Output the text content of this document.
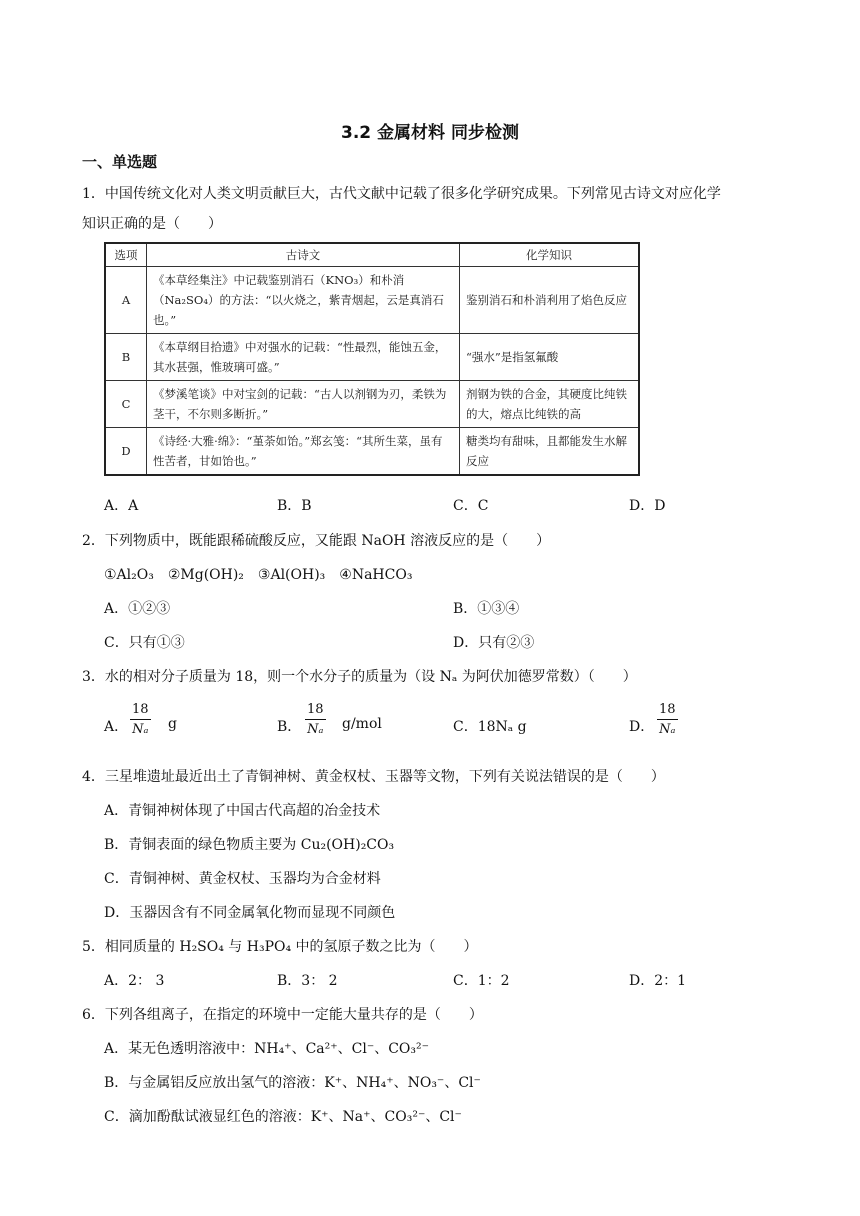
3.2 金属材料 同步检测
一、单选题
1．中国传统文化对人类文明贡献巨大，古代文献中记载了很多化学研究成果。下列常见古诗文对应化学
知识正确的是（　　）
选项	古诗文	化学知识
A	《本草经集注》中记载鉴别消石（KNO₃）和朴消（Na₂SO₄）的方法：“以火烧之，紫青烟起，云是真消石也。”	鉴别消石和朴消利用了焰色反应
B	《本草纲目拾遗》中对强水的记载：“性最烈，能蚀五金，其水甚强，惟玻璃可盛。”	“强水”是指氢氟酸
C	《梦溪笔谈》中对宝剑的记载：“古人以剂钢为刃，柔铁为茎干，不尔则多断折。”	剂钢为铁的合金，其硬度比纯铁的大，熔点比纯铁的高
D	《诗经·大雅·绵》：“堇荼如饴。”郑玄笺：“其所生菜，虽有性苦者，甘如饴也。”	糖类均有甜味，且都能发生水解反应
A．A	B．B	C．C	D．D
2．下列物质中，既能跟稀硫酸反应，又能跟 NaOH 溶液反应的是（　　）
①Al₂O₃　②Mg(OH)₂　③Al(OH)₃　④NaHCO₃
A．①②③	B．①③④
C．只有①③	D．只有②③
3．水的相对分子质量为 18，则一个水分子的质量为（设 Nₐ 为阿伏加德罗常数）（　　）
A．
18
Nₐ g	B．
18
Nₐ g/mol	C．18Nₐ g	D．
18
Nₐ
4．三星堆遗址最近出土了青铜神树、黄金权杖、玉器等文物，下列有关说法错误的是（　　）
A．青铜神树体现了中国古代高超的冶金技术
B．青铜表面的绿色物质主要为 Cu₂(OH)₂CO₃
C．青铜神树、黄金权杖、玉器均为合金材料
D．玉器因含有不同金属氧化物而显现不同颜色
5．相同质量的 H₂SO₄ 与 H₃PO₄ 中的氢原子数之比为（　　）
A．2： 3	B．3： 2	C．1：2	D．2：1
6．下列各组离子，在指定的环境中一定能大量共存的是（　　）
A．某无色透明溶液中：NH₄⁺、Ca²⁺、Cl⁻、CO₃²⁻
B．与金属铝反应放出氢气的溶液：K⁺、NH₄⁺、NO₃⁻、Cl⁻
C．滴加酚酞试液显红色的溶液：K⁺、Na⁺、CO₃²⁻、Cl⁻
